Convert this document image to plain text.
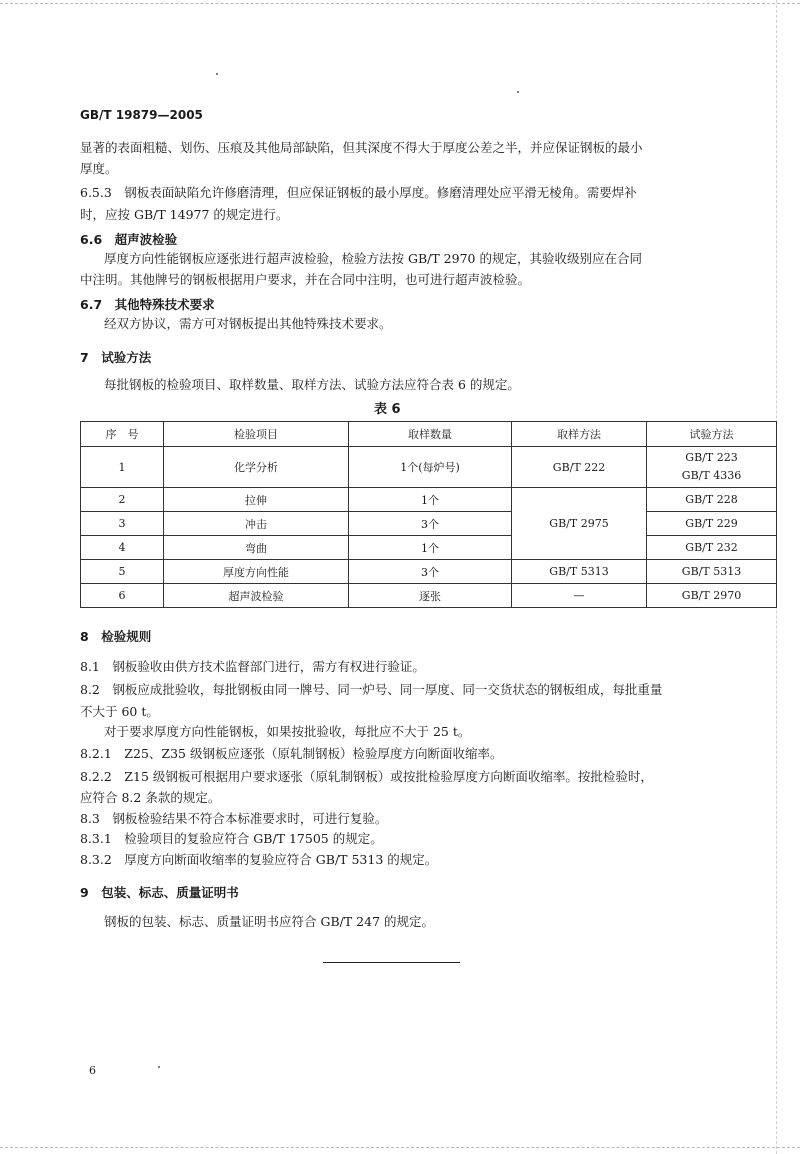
GB/T 19879—2005
显著的表面粗糙、划伤、压痕及其他局部缺陷，但其深度不得大于厚度公差之半，并应保证钢板的最小
厚度。
6.5.3　钢板表面缺陷允许修磨清理，但应保证钢板的最小厚度。修磨清理处应平滑无棱角。需要焊补
时，应按 GB/T 14977 的规定进行。
6.6　超声波检验
厚度方向性能钢板应逐张进行超声波检验，检验方法按 GB/T 2970 的规定，其验收级别应在合同
中注明。其他牌号的钢板根据用户要求，并在合同中注明，也可进行超声波检验。
6.7　其他特殊技术要求
经双方协议，需方可对钢板提出其他特殊技术要求。
7　试验方法
每批钢板的检验项目、取样数量、取样方法、试验方法应符合表 6 的规定。
表 6
序　号	检验项目	取样数量	取样方法	试验方法
1	化学分析	1个(每炉号)	GB/T 222	GB/T 223
GB/T 4336

2	拉伸	1个	GB/T 2975	GB/T 228
3	冲击	3个		GB/T 229
4	弯曲	1个		GB/T 232
5	厚度方向性能	3个	GB/T 5313	GB/T 5313
6	超声波检验	逐张	—	GB/T 2970
8　检验规则
8.1　钢板验收由供方技术监督部门进行，需方有权进行验证。
8.2　钢板应成批验收，每批钢板由同一牌号、同一炉号、同一厚度、同一交货状态的钢板组成，每批重量
不大于 60 t。
对于要求厚度方向性能钢板，如果按批验收，每批应不大于 25 t。
8.2.1　Z25、Z35 级钢板应逐张（原轧制钢板）检验厚度方向断面收缩率。
8.2.2　Z15 级钢板可根据用户要求逐张（原轧制钢板）或按批检验厚度方向断面收缩率。按批检验时，
应符合 8.2 条款的规定。
8.3　钢板检验结果不符合本标准要求时，可进行复验。
8.3.1　检验项目的复验应符合 GB/T 17505 的规定。
8.3.2　厚度方向断面收缩率的复验应符合 GB/T 5313 的规定。
9　包装、标志、质量证明书
钢板的包装、标志、质量证明书应符合 GB/T 247 的规定。
6
